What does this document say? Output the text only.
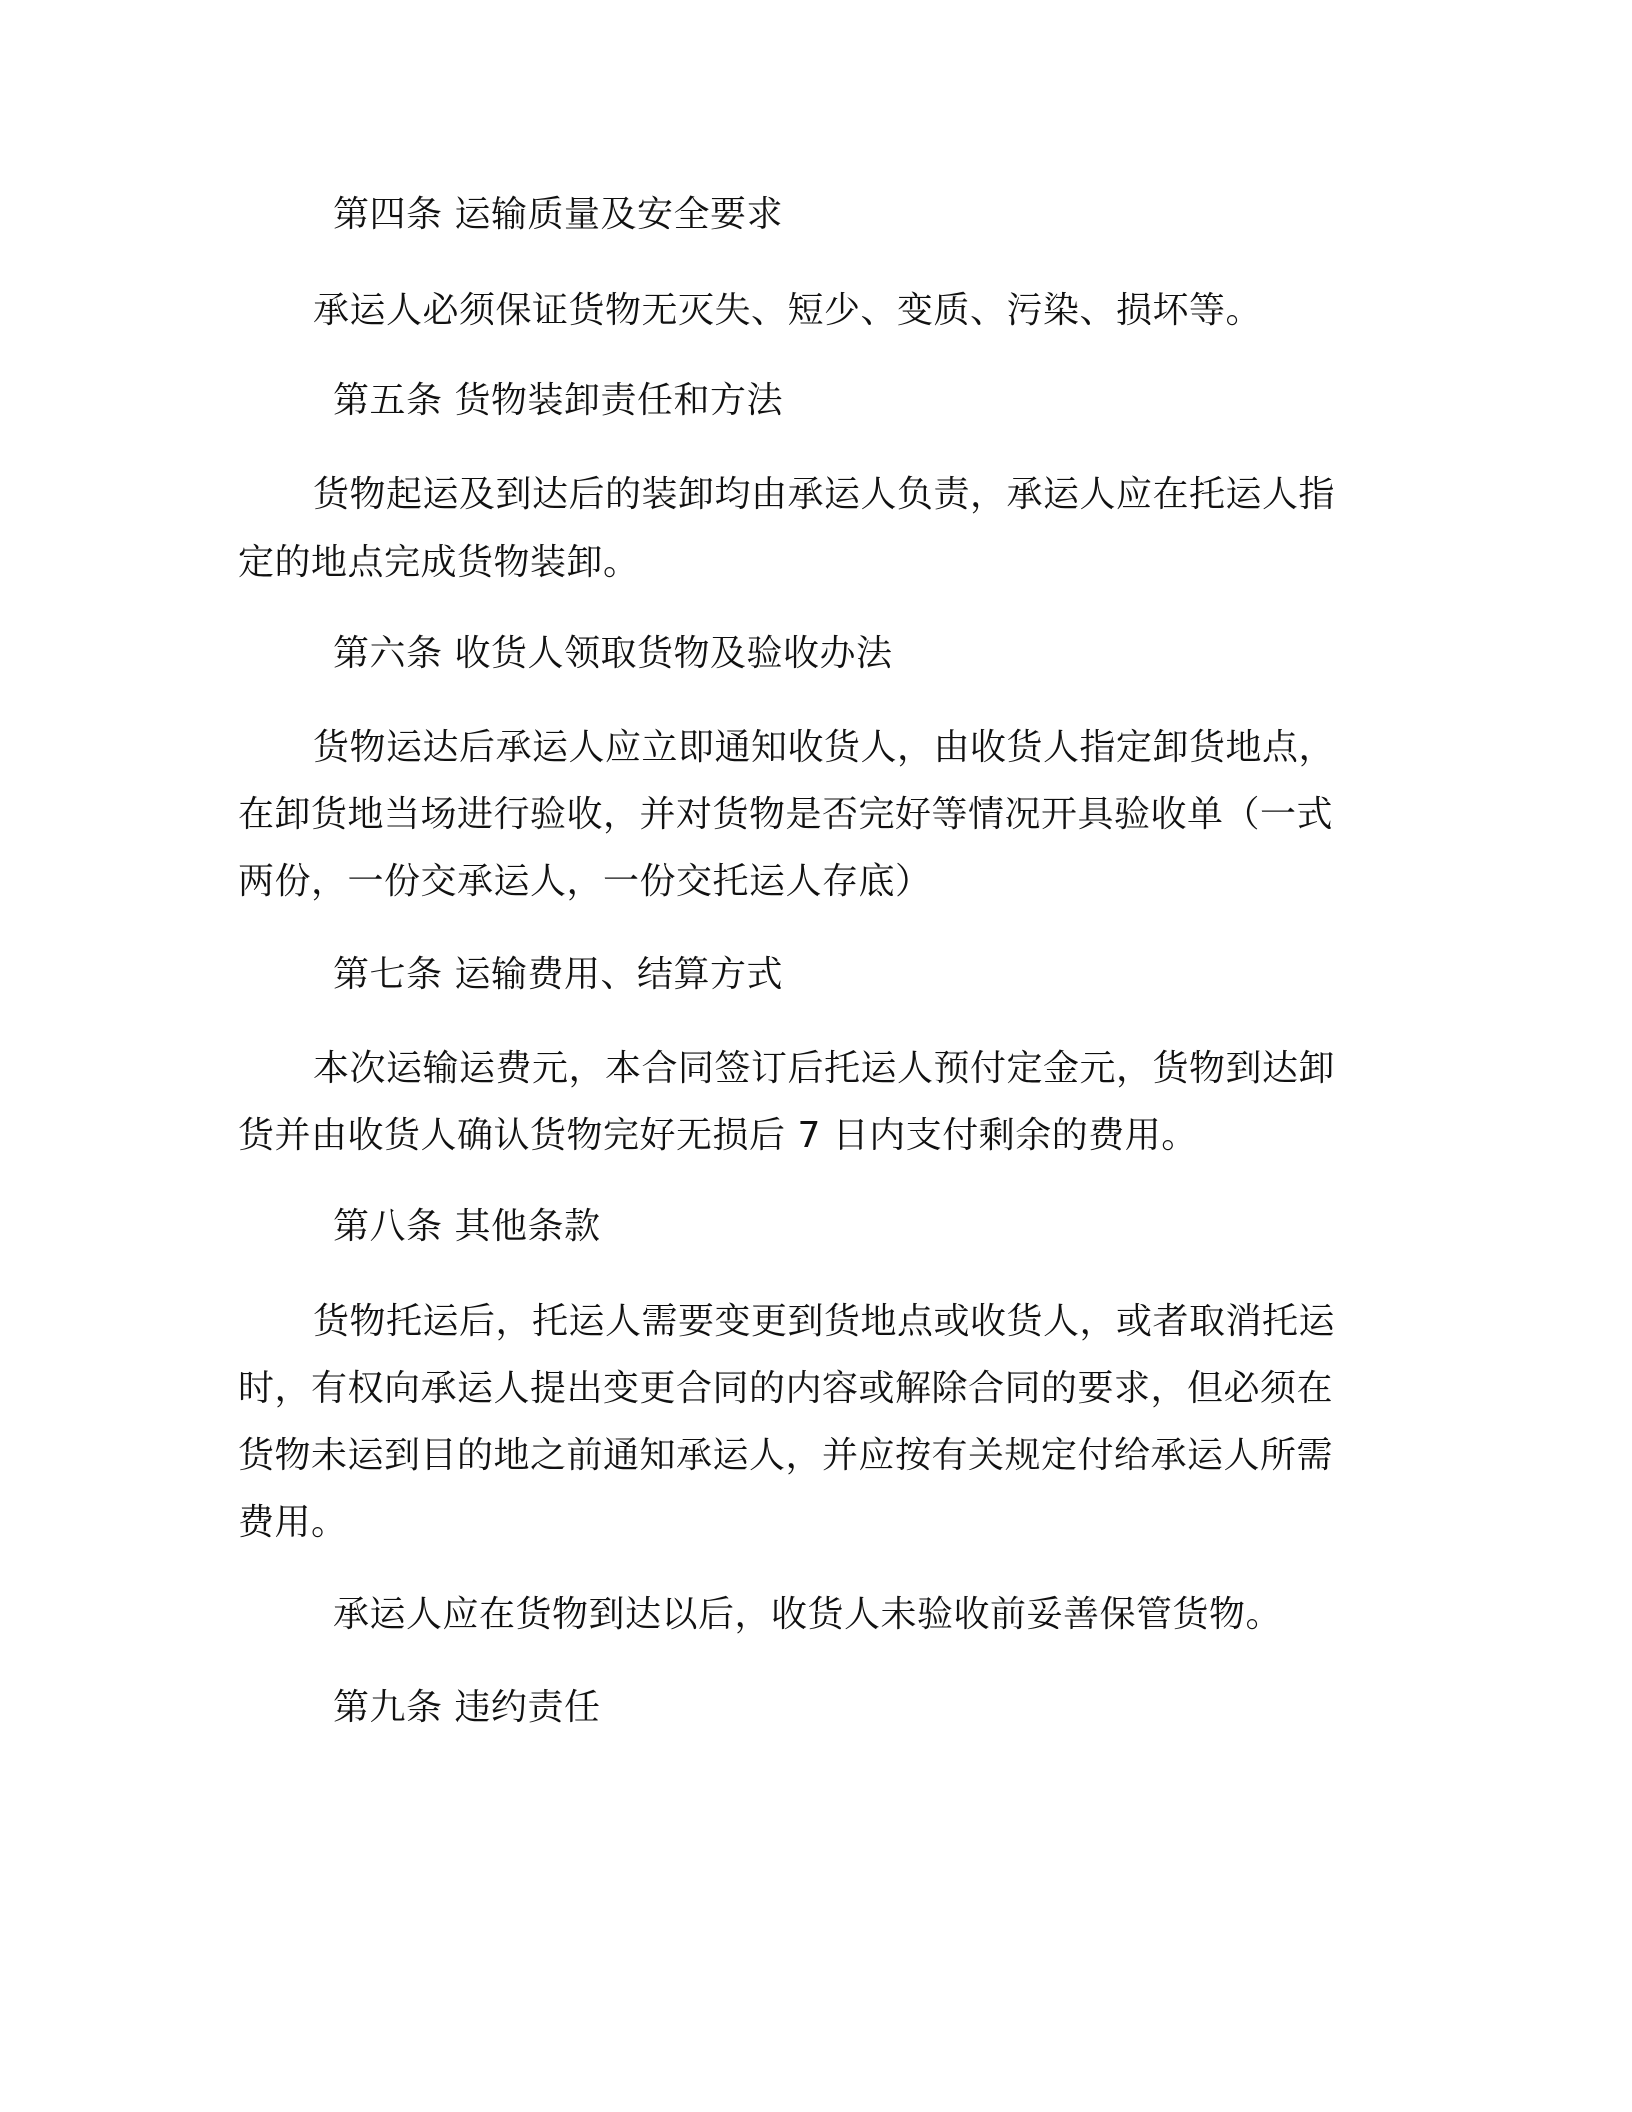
第四条 运输质量及安全要求
承运人必须保证货物无灭失、短少、变质、污染、损坏等。
第五条 货物装卸责任和方法
货物起运及到达后的装卸均由承运人负责，承运人应在托运人指
定的地点完成货物装卸。
第六条 收货人领取货物及验收办法
货物运达后承运人应立即通知收货人，由收货人指定卸货地点，
在卸货地当场进行验收，并对货物是否完好等情况开具验收单（一式
两份，一份交承运人，一份交托运人存底）
第七条 运输费用、结算方式
本次运输运费元，本合同签订后托运人预付定金元，货物到达卸
货并由收货人确认货物完好无损后 7 日内支付剩余的费用。
第八条 其他条款
货物托运后，托运人需要变更到货地点或收货人，或者取消托运
时，有权向承运人提出变更合同的内容或解除合同的要求，但必须在
货物未运到目的地之前通知承运人，并应按有关规定付给承运人所需
费用。
承运人应在货物到达以后，收货人未验收前妥善保管货物。
第九条 违约责任
